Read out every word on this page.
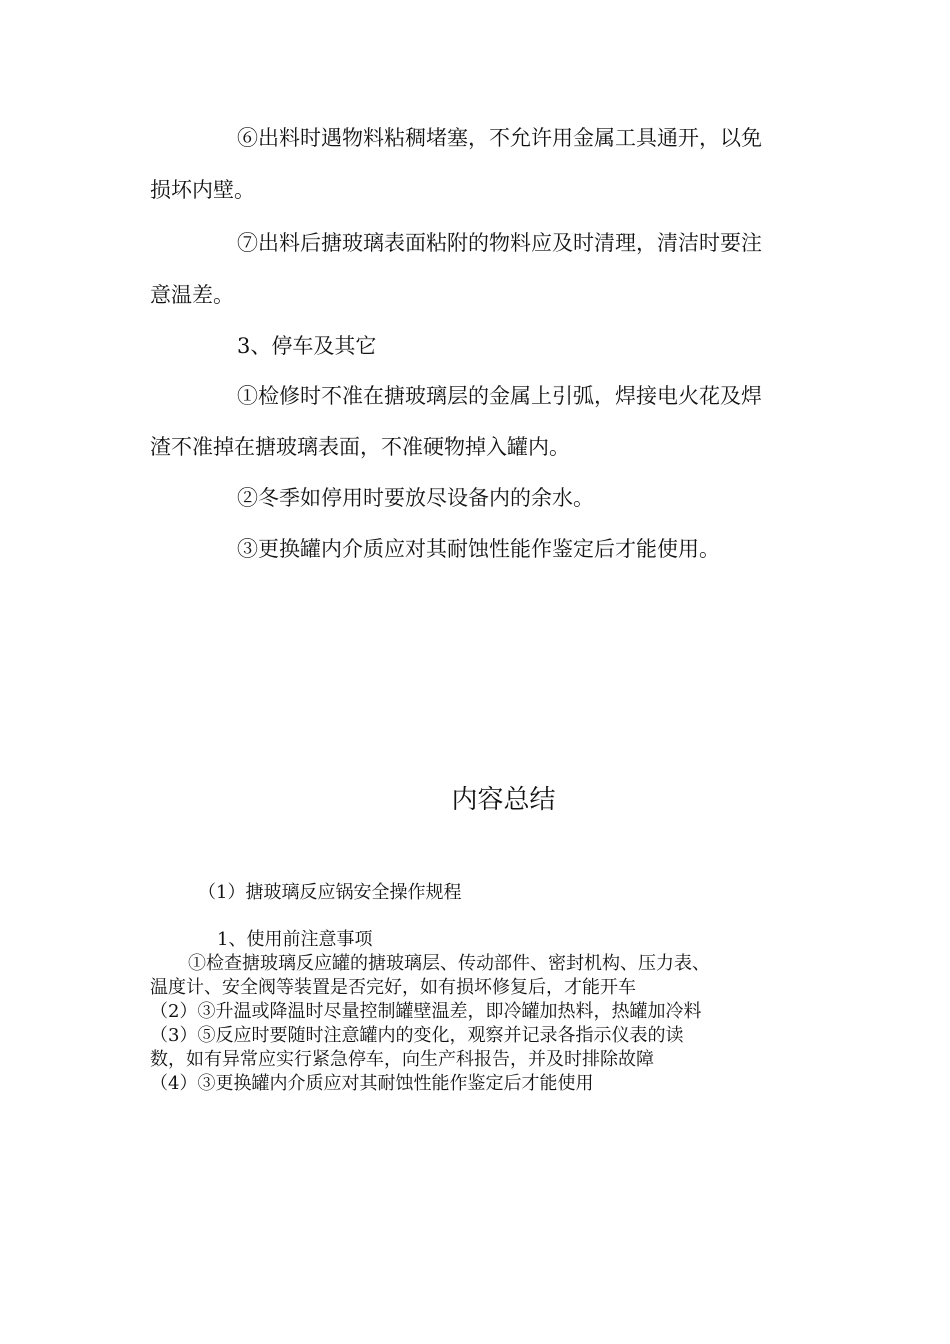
⑥出料时遇物料粘稠堵塞，不允许用金属工具通开，以免
损坏内壁。
⑦出料后搪玻璃表面粘附的物料应及时清理，清洁时要注
意温差。
3、停车及其它
①检修时不准在搪玻璃层的金属上引弧，焊接电火花及焊
渣不准掉在搪玻璃表面，不准硬物掉入罐内。
②冬季如停用时要放尽设备内的余水。
③更换罐内介质应对其耐蚀性能作鉴定后才能使用。
内容总结
（1）搪玻璃反应锅安全操作规程
1、使用前注意事项
①检查搪玻璃反应罐的搪玻璃层、传动部件、密封机构、压力表、
温度计、安全阀等装置是否完好，如有损坏修复后，才能开车
（2）③升温或降温时尽量控制罐壁温差，即冷罐加热料，热罐加冷料
（3）⑤反应时要随时注意罐内的变化，观察并记录各指示仪表的读
数，如有异常应实行紧急停车，向生产科报告，并及时排除故障
（4）③更换罐内介质应对其耐蚀性能作鉴定后才能使用
